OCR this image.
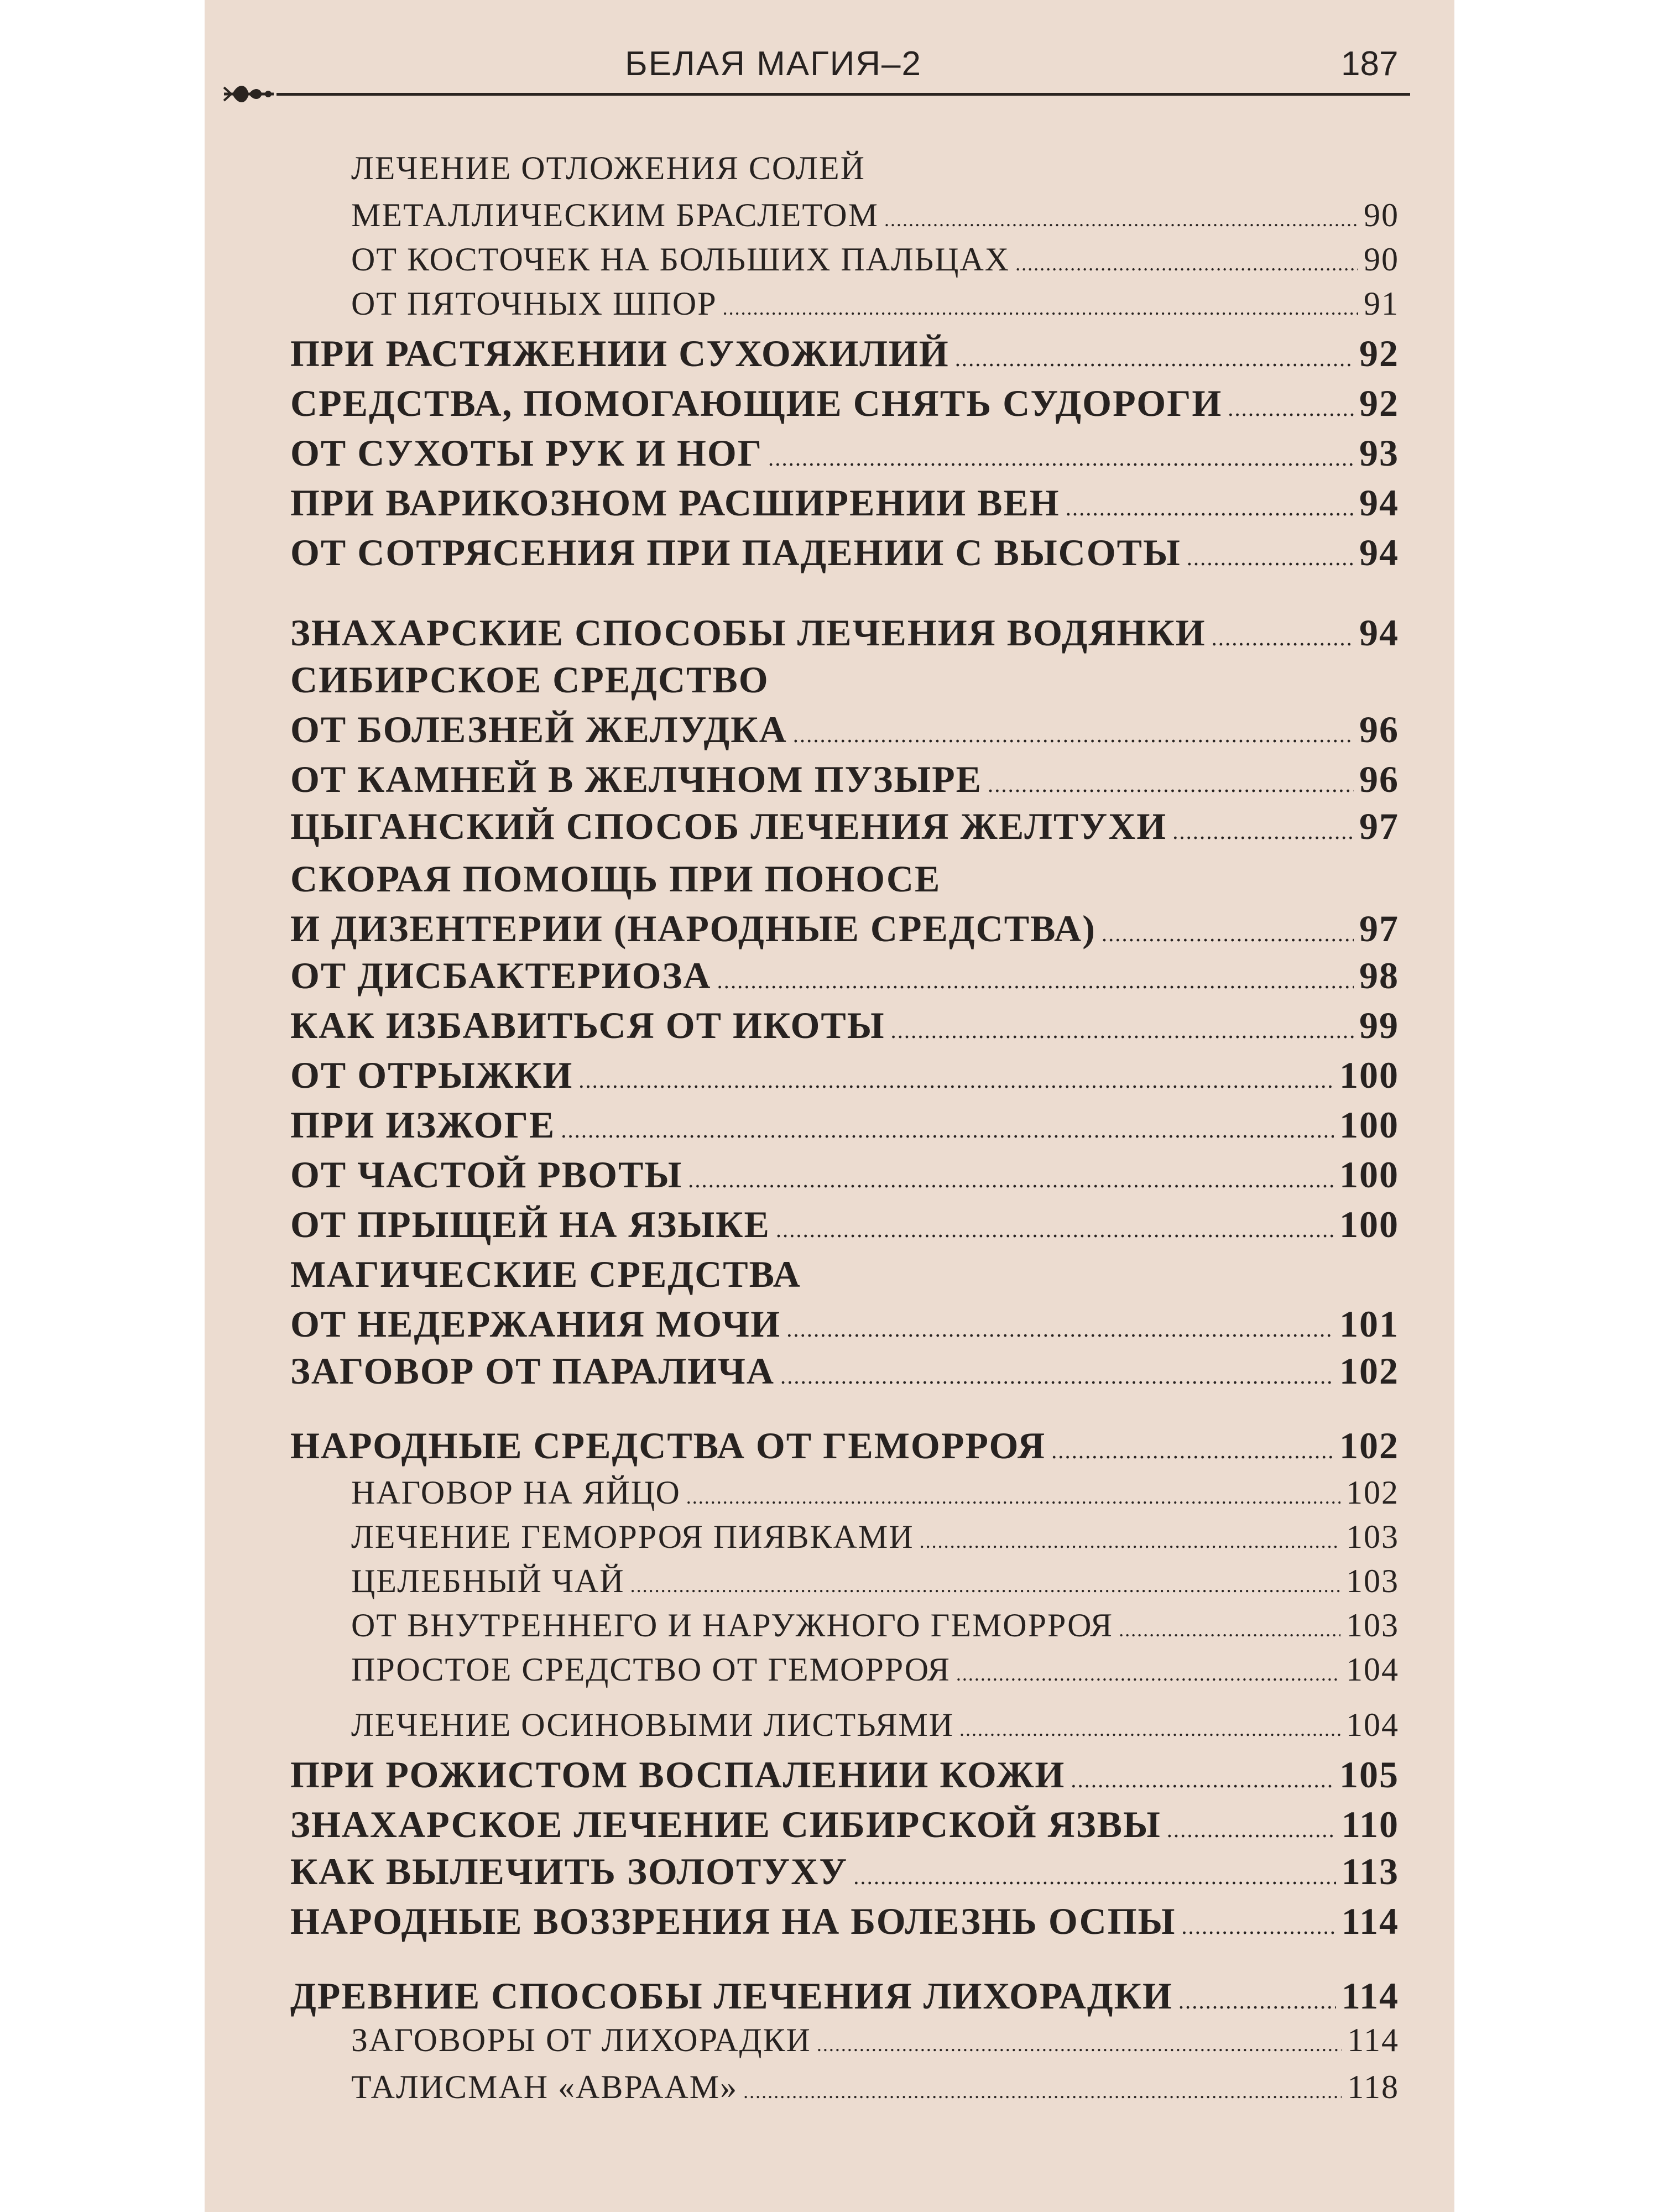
БЕЛАЯ МАГИЯ–2	187
ЛЕЧЕНИЕ ОТЛОЖЕНИЯ СОЛЕЙ
МЕТАЛЛИЧЕСКИМ БРАСЛЕТОМ .....	90
ОТ КОСТОЧЕК НА БОЛЬШИХ ПАЛЬЦАХ .....	90
ОТ ПЯТОЧНЫХ ШПОР .....	91
ПРИ РАСТЯЖЕНИИ СУХОЖИЛИЙ .....	92
СРЕДСТВА, ПОМОГАЮЩИЕ СНЯТЬ СУДОРОГИ .....	92
ОТ СУХОТЫ РУК И НОГ .....	93
ПРИ ВАРИКОЗНОМ РАСШИРЕНИИ ВЕН .....	94
ОТ СОТРЯСЕНИЯ ПРИ ПАДЕНИИ С ВЫСОТЫ .....	94
ЗНАХАРСКИЕ СПОСОБЫ ЛЕЧЕНИЯ ВОДЯНКИ .....	94
СИБИРСКОЕ СРЕДСТВО
ОТ БОЛЕЗНЕЙ ЖЕЛУДКА .....	96
ОТ КАМНЕЙ В ЖЕЛЧНОМ ПУЗЫРЕ .....	96
ЦЫГАНСКИЙ СПОСОБ ЛЕЧЕНИЯ ЖЕЛТУХИ .....	97
СКОРАЯ ПОМОЩЬ ПРИ ПОНОСЕ
И ДИЗЕНТЕРИИ (НАРОДНЫЕ СРЕДСТВА) .....	97
ОТ ДИСБАКТЕРИОЗА .....	98
КАК ИЗБАВИТЬСЯ ОТ ИКОТЫ .....	99
ОТ ОТРЫЖКИ .....	100
ПРИ ИЗЖОГЕ .....	100
ОТ ЧАСТОЙ РВОТЫ .....	100
ОТ ПРЫЩЕЙ НА ЯЗЫКЕ .....	100
МАГИЧЕСКИЕ СРЕДСТВА
ОТ НЕДЕРЖАНИЯ МОЧИ .....	101
ЗАГОВОР ОТ ПАРАЛИЧА .....	102
НАРОДНЫЕ СРЕДСТВА ОТ ГЕМОРРОЯ .....	102
НАГОВОР НА ЯЙЦО .....	102
ЛЕЧЕНИЕ ГЕМОРРОЯ ПИЯВКАМИ .....	103
ЦЕЛЕБНЫЙ ЧАЙ .....	103
ОТ ВНУТРЕННЕГО И НАРУЖНОГО ГЕМОРРОЯ .....	103
ПРОСТОЕ СРЕДСТВО ОТ ГЕМОРРОЯ .....	104
ЛЕЧЕНИЕ ОСИНОВЫМИ ЛИСТЬЯМИ .....	104
ПРИ РОЖИСТОМ ВОСПАЛЕНИИ КОЖИ .....	105
ЗНАХАРСКОЕ ЛЕЧЕНИЕ СИБИРСКОЙ ЯЗВЫ .....	110
КАК ВЫЛЕЧИТЬ ЗОЛОТУХУ .....	113
НАРОДНЫЕ ВОЗЗРЕНИЯ НА БОЛЕЗНЬ ОСПЫ .....	114
ДРЕВНИЕ СПОСОБЫ ЛЕЧЕНИЯ ЛИХОРАДКИ .....	114
ЗАГОВОРЫ ОТ ЛИХОРАДКИ .....	114
ТАЛИСМАН «АВРААМ» .....	118
